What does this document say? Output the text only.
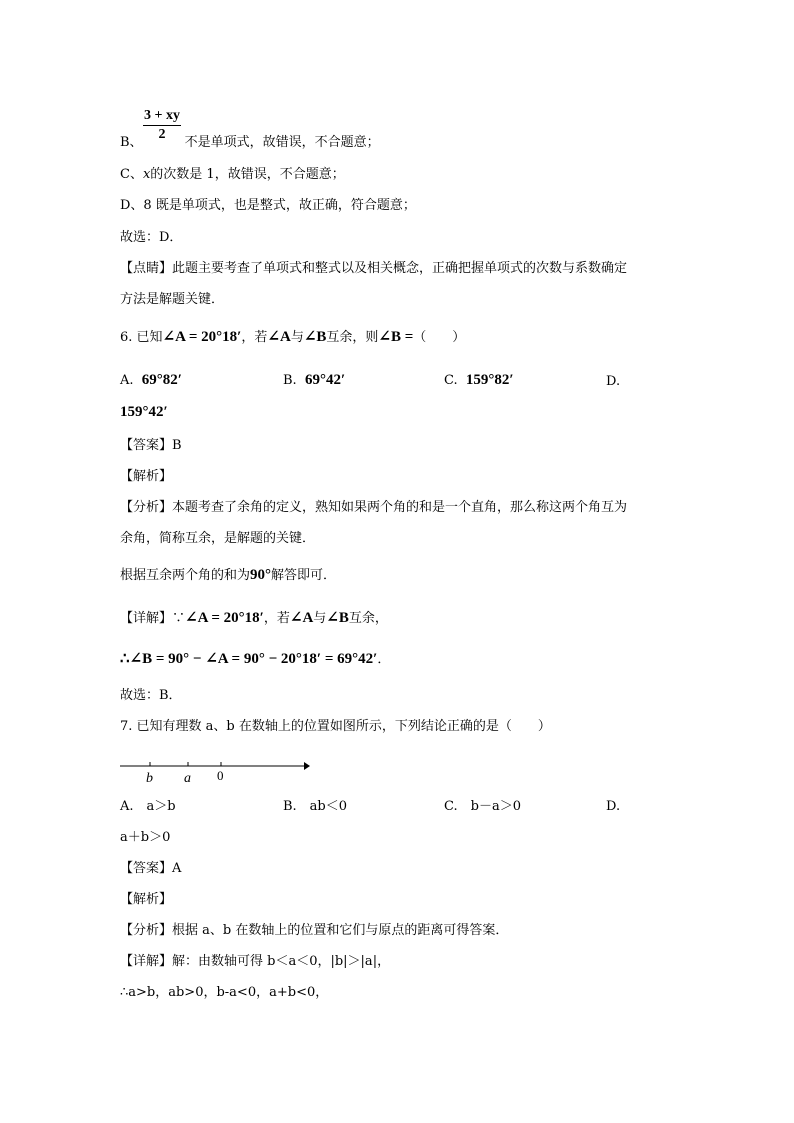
3 + xy
2
B、	不是单项式，故错误，不合题意；
C、x的次数是 1，故错误，不合题意；
D、8 既是单项式，也是整式，故正确，符合题意；
故选：D．
【点睛】此题主要考查了单项式和整式以及相关概念，正确把握单项式的次数与系数确定
方法是解题关键．
6. 已知∠A = 20°18′，若∠A与∠B互余，则∠B =（　　）
A. 69°82′	B. 69°42′	C. 159°82′	D.
159°42′
【答案】B
【解析】
【分析】本题考查了余角的定义，熟知如果两个角的和是一个直角，那么称这两个角互为
余角，简称互余，是解题的关键．
根据互余两个角的和为90°解答即可．
【详解】∵∠A = 20°18′，若∠A与∠B互余，
∴∠B = 90° − ∠A = 90° − 20°18′ = 69°42′．
故选：B．
7. 已知有理数 a、b 在数轴上的位置如图所示，下列结论正确的是（　　）
b a 0
A.　a＞b	B.　ab＜0	C.　b－a＞0	D.
a＋b＞0
【答案】A
【解析】
【分析】根据 a、b 在数轴上的位置和它们与原点的距离可得答案．
【详解】解：由数轴可得 b＜a＜0，|b|＞|a|，
∴a>b，ab>0，b-a<0，a+b<0，
